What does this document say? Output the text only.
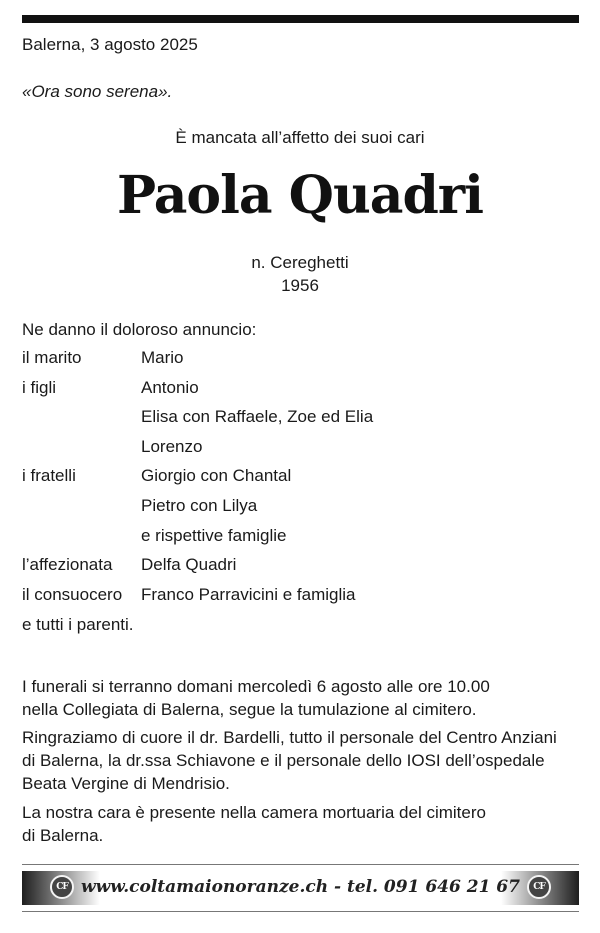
Balerna, 3 agosto 2025
«Ora sono serena».
È mancata all’affetto dei suoi cari
Paola Quadri
n. Cereghetti
1956
Ne danno il doloroso annuncio:
il marito	Mario
i figli	Antonio
Elisa con Raffaele, Zoe ed Elia
Lorenzo
i fratelli	Giorgio con Chantal
Pietro con Lilya
e rispettive famiglie
l’affezionata Delfa Quadri
il consuocero Franco Parravicini e famiglia
e tutti i parenti.
I funerali si terranno domani mercoledì 6 agosto alle ore 10.00
nella Collegiata di Balerna, segue la tumulazione al cimitero.
Ringraziamo di cuore il dr. Bardelli, tutto il personale del Centro Anziani
di Balerna, la dr.ssa Schiavone e il personale dello IOSI dell’ospedale
Beata Vergine di Mendrisio.
La nostra cara è presente nella camera mortuaria del cimitero
di Balerna.
CF www.coltamaionoranze.ch - tel. 091 646 21 67	CF
